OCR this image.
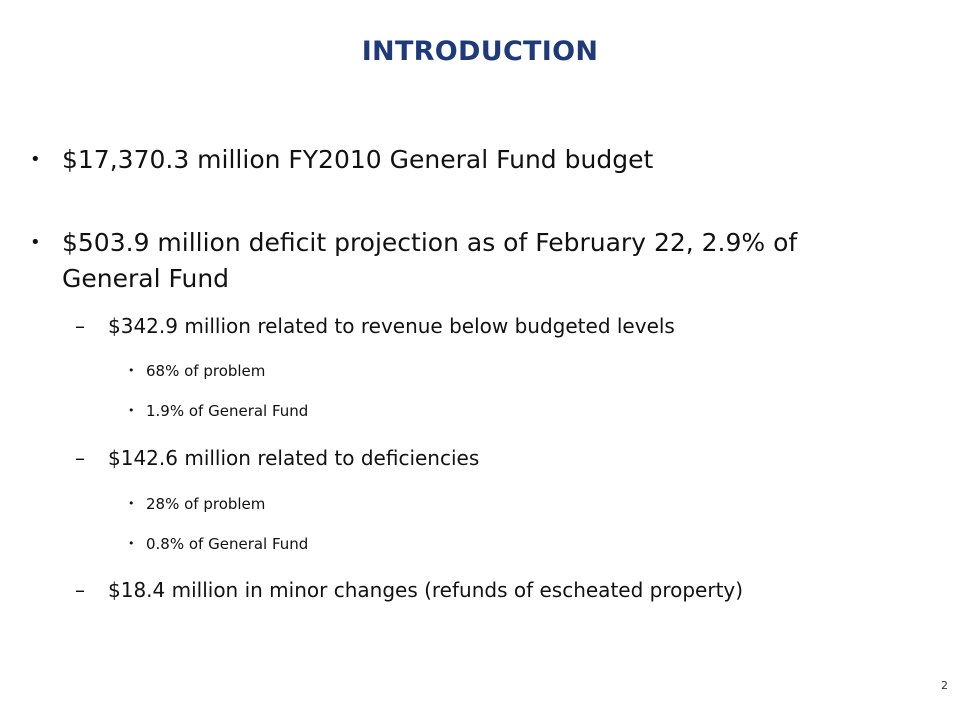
INTRODUCTION
• $17,370.3 million FY2010 General Fund budget
• $503.9 million deficit projection as of February 22, 2.9% of General Fund
–	$342.9 million related to revenue below budgeted levels
• 68% of problem
• 1.9% of General Fund
–	$142.6 million related to deficiencies
• 28% of problem
• 0.8% of General Fund
–	$18.4 million in minor changes (refunds of escheated property)
2
